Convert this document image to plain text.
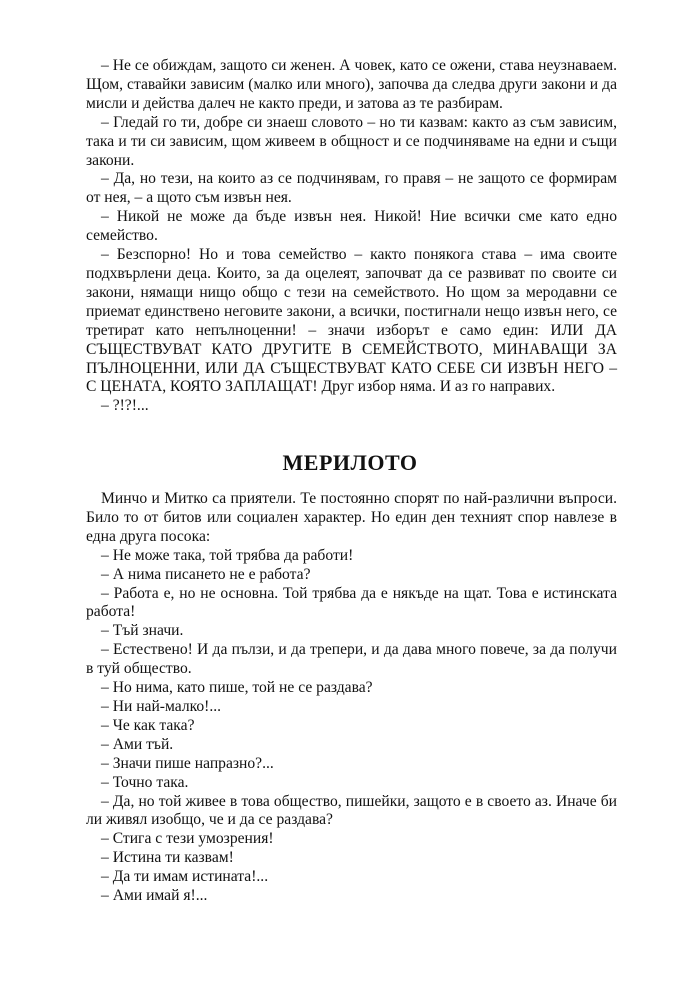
– Не се обиждам, защото си женен. А човек, като се ожени, става неузнаваем. Щом, ставайки зависим (малко или много), започва да следва други закони и да мисли и действа далеч не както преди, и затова аз те разбирам.

– Гледай го ти, добре си знаеш словото – но ти казвам: както аз съм зависим, така и ти си зависим, щом живеем в общност и се подчиняваме на едни и същи закони.

– Да, но тези, на които аз се подчинявам, го правя – не защото се формирам от нея, – а щото съм извън нея.

– Никой не може да бъде извън нея. Никой! Ние всички сме като едно семейство.

– Безспорно! Но и това семейство – както понякога става – има своите подхвърлени деца. Които, за да оцелеят, започват да се развиват по своите си закони, нямащи нищо общо с тези на семейството. Но щом за меродавни се приемат единствено неговите закони, а всички, постигнали нещо извън него, се третират като непълноценни! – значи изборът е само един: ИЛИ ДА СЪЩЕСТВУВАТ КАТО ДРУГИТЕ В СЕМЕЙСТВОТО, МИНАВАЩИ ЗА ПЪЛНОЦЕННИ, ИЛИ ДА СЪЩЕСТВУВАТ КАТО СЕБЕ СИ ИЗВЪН НЕГО – С ЦЕНАТА, КОЯТО ЗАПЛАЩАТ! Друг избор няма. И аз го направих.

– ?!?!...

МЕРИЛОТО

Минчо и Митко са приятели. Те постоянно спорят по най-различни въпроси. Било то от битов или социален характер. Но един ден техният спор навлезе в една друга посока:

– Не може така, той трябва да работи!

– А нима писането не е работа?

– Работа е, но не основна. Той трябва да е някъде на щат. Това е истинската работа!

– Тъй значи.

– Естествено! И да пълзи, и да трепери, и да дава много повече, за да получи в туй общество.

– Но нима, като пише, той не се раздава?

– Ни най-малко!...

– Че как така?

– Ами тъй.

– Значи пише напразно?...

– Точно така.

– Да, но той живее в това общество, пишейки, защото е в своето аз. Иначе би ли живял изобщо, че и да се раздава?

– Стига с тези умозрения!

– Истина ти казвам!

– Да ти имам истината!...

– Ами имай я!...
